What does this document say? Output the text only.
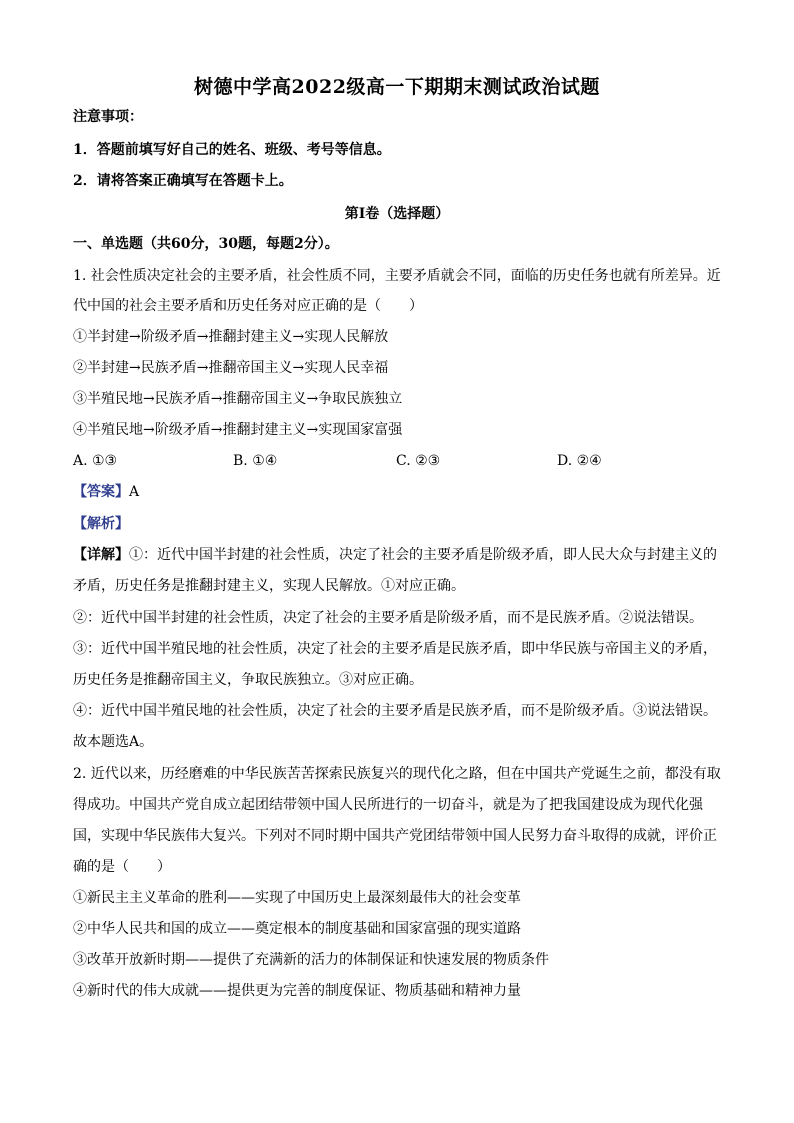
树德中学高2022级高一下期期末测试政治试题
注意事项：
1．答题前填写好自己的姓名、班级、考号等信息。
2．请将答案正确填写在答题卡上。
第I卷（选择题）
一、单选题（共60分，30题，每题2分）。
1. 社会性质决定社会的主要矛盾，社会性质不同，主要矛盾就会不同，面临的历史任务也就有所差异。近
代中国的社会主要矛盾和历史任务对应正确的是（　　）
①半封建→阶级矛盾→推翻封建主义→实现人民解放
②半封建→民族矛盾→推翻帝国主义→实现人民幸福
③半殖民地→民族矛盾→推翻帝国主义→争取民族独立
④半殖民地→阶级矛盾→推翻封建主义→实现国家富强
A. ①③	B. ①④	C. ②③	D. ②④
【答案】A
【解析】
【详解】①：近代中国半封建的社会性质，决定了社会的主要矛盾是阶级矛盾，即人民大众与封建主义的
矛盾，历史任务是推翻封建主义，实现人民解放。①对应正确。
②：近代中国半封建的社会性质，决定了社会的主要矛盾是阶级矛盾，而不是民族矛盾。②说法错误。
③：近代中国半殖民地的社会性质，决定了社会的主要矛盾是民族矛盾，即中华民族与帝国主义的矛盾，
历史任务是推翻帝国主义，争取民族独立。③对应正确。
④：近代中国半殖民地的社会性质，决定了社会的主要矛盾是民族矛盾，而不是阶级矛盾。③说法错误。
故本题选A。
2. 近代以来，历经磨难的中华民族苦苦探索民族复兴的现代化之路，但在中国共产党诞生之前，都没有取
得成功。中国共产党自成立起团结带领中国人民所进行的一切奋斗，就是为了把我国建设成为现代化强
国，实现中华民族伟大复兴。下列对不同时期中国共产党团结带领中国人民努力奋斗取得的成就，评价正
确的是（　　）
①新民主主义革命的胜利——实现了中国历史上最深刻最伟大的社会变革
②中华人民共和国的成立——奠定根本的制度基础和国家富强的现实道路
③改革开放新时期——提供了充满新的活力的体制保证和快速发展的物质条件
④新时代的伟大成就——提供更为完善的制度保证、物质基础和精神力量
